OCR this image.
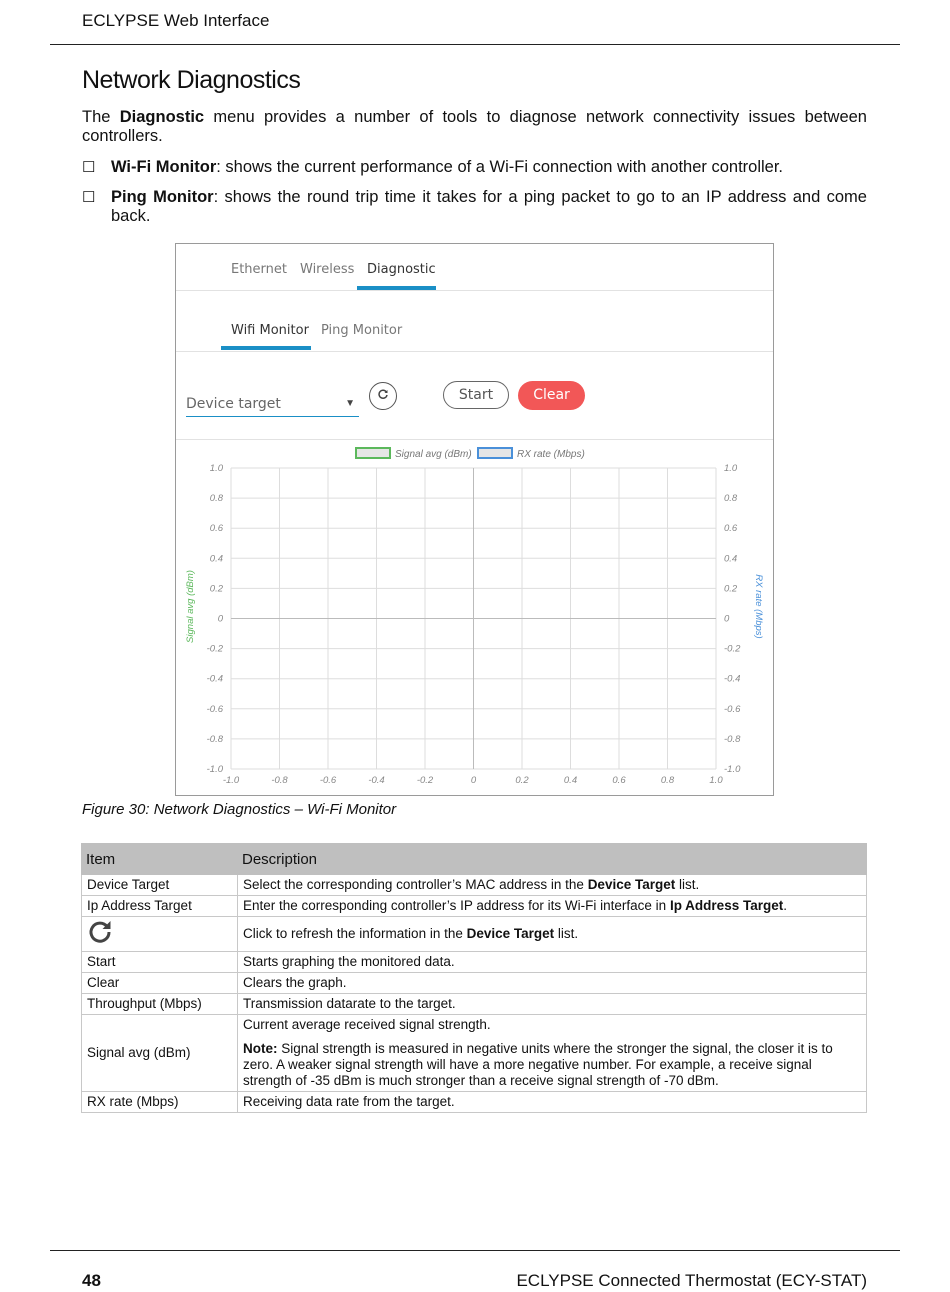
ECLYPSE Web Interface
Network Diagnostics
The Diagnostic menu provides a number of tools to diagnose network connectivity issues between controllers.
☐ Wi-Fi Monitor: shows the current performance of a Wi-Fi connection with another controller.
☐ Ping Monitor: shows the round trip time it takes for a ping packet to go to an IP address and come back.
Ethernet Wireless Diagnostic
Wifi Monitor Ping Monitor
Device target	▼
Start	Clear
1.0	1.0
0.8	0.8
0.6	0.6
0.4	0.4
0.2	0.2
0	0
-0.2	-0.2
-0.4	-0.4
-0.6	-0.6
-0.8	-0.8
-1.0	-1.0
-1.0	-0.8	-0.6	-0.4	-0.2	0	0.2	0.4	0.6	0.8	1.0
Signal avg (dBm)	RX rate (Mbps)
Signal avg (dBm)	RX rate (Mbps)
Figure 30: Network Diagnostics – Wi-Fi Monitor
Item	Description
Device Target	Select the corresponding controller’s MAC address in the Device Target list.
Ip Address Target	Enter the corresponding controller’s IP address for its Wi-Fi interface in Ip Address Target.
	Click to refresh the information in the Device Target list.
Start	Starts graphing the monitored data.
Clear	Clears the graph.
Throughput (Mbps)	Transmission datarate to the target.
Signal avg (dBm)	Current average received signal strength.
Note: Signal strength is measured in negative units where the stronger the signal, the closer it is to zero. A weaker signal strength will have a more negative number. For example, a receive signal strength of -35 dBm is much stronger than a receive signal strength of -70 dBm.

RX rate (Mbps)	Receiving data rate from the target.
48	ECLYPSE Connected Thermostat (ECY-STAT)
